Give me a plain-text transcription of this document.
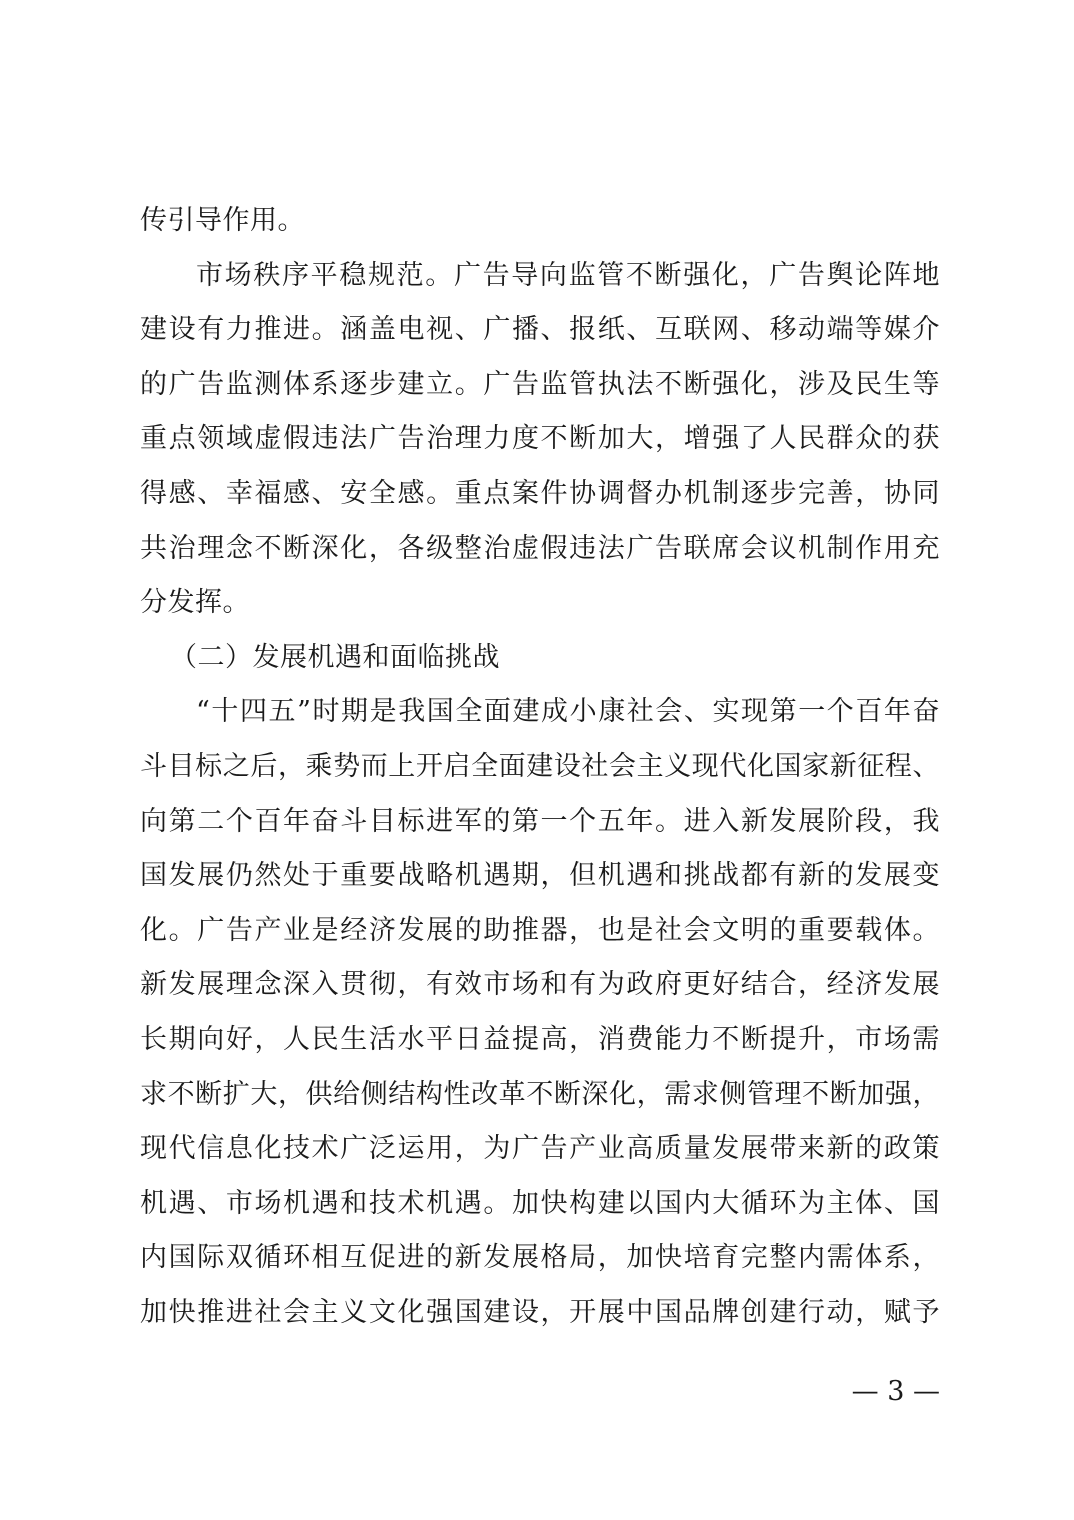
传引导作用。
市场秩序平稳规范。广告导向监管不断强化，广告舆论阵地
建设有力推进。涵盖电视、广播、报纸、互联网、移动端等媒介
的广告监测体系逐步建立。广告监管执法不断强化，涉及民生等
重点领域虚假违法广告治理力度不断加大，增强了人民群众的获
得感、幸福感、安全感。重点案件协调督办机制逐步完善，协同
共治理念不断深化，各级整治虚假违法广告联席会议机制作用充
分发挥。
（二）发展机遇和面临挑战
“十四五”时期是我国全面建成小康社会、实现第一个百年奋
斗目标之后，乘势而上开启全面建设社会主义现代化国家新征程、
向第二个百年奋斗目标进军的第一个五年。进入新发展阶段，我
国发展仍然处于重要战略机遇期，但机遇和挑战都有新的发展变
化。广告产业是经济发展的助推器，也是社会文明的重要载体。
新发展理念深入贯彻，有效市场和有为政府更好结合，经济发展
长期向好，人民生活水平日益提高，消费能力不断提升，市场需
求不断扩大，供给侧结构性改革不断深化，需求侧管理不断加强，
现代信息化技术广泛运用，为广告产业高质量发展带来新的政策
机遇、市场机遇和技术机遇。加快构建以国内大循环为主体、国
内国际双循环相互促进的新发展格局，加快培育完整内需体系，
加快推进社会主义文化强国建设，开展中国品牌创建行动，赋予
— 3 —
